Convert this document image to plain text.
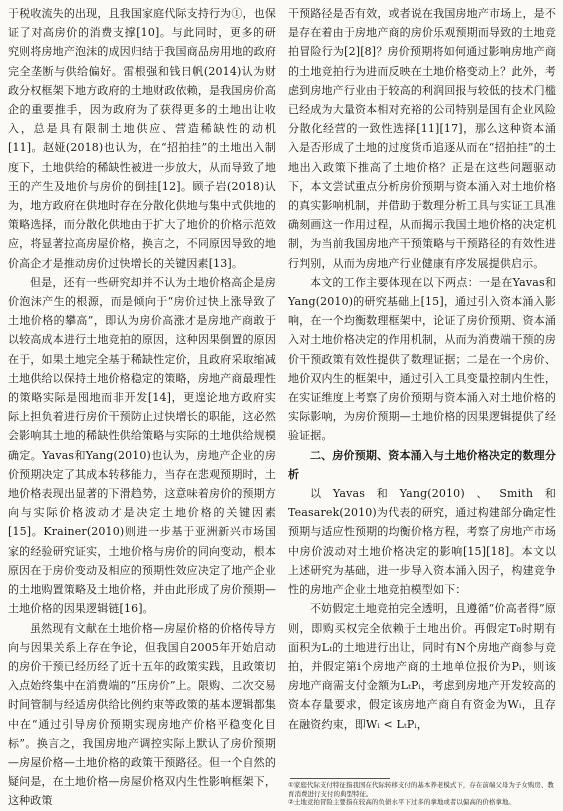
于税收流失的出现，且我国家庭代际支持行为①，也保证了对高房价的消费支撑[10]。与此同时，更多的研究则将房地产泡沫的成因归结于我国商品房用地的政府完全垄断与供给偏好。雷根强和钱日帆(2014)认为财政分权框架下地方政府的土地财政依赖，是我国房价高企的重要推手，因为政府为了获得更多的土地出让收入，总是具有限制土地供应、营造稀缺性的动机[11]。赵娅(2018)也认为，在“招拍挂”的土地出入制度下，土地供给的稀缺性被进一步放大，从而导致了地王的产生及地价与房价的倒挂[12]。顾子岩(2018)认为，地方政府在供地时存在分散化供地与集中式供地的策略选择，而分散化供地由于扩大了地价的价格示范效应，将显著拉高房屋价格，换言之，不同原因导致的地价高企才是推动房价过快增长的关键因素[13]。

但是，还有一些研究却并不认为土地价格高企是房价泡沫产生的根源，而是倾向于“房价过快上涨导致了土地价格的攀高”，即认为房价高涨才是房地产商敢于以较高成本进行土地竞拍的原因，这种因果倒置的原因在于，如果土地完全基于稀缺性定价，且政府采取缩减土地供给以保持土地价格稳定的策略，房地产商最理性的策略实际是囤地而非开发[14]，更遑论地方政府实际上担负着进行房价干预防止过快增长的职能，这必然会影响其土地的稀缺性供给策略与实际的土地供给规模确定。Yavas和Yang(2010)也认为，房地产企业的房价预期决定了其成本转移能力，当存在悲观预期时，土地价格表现出显著的下滑趋势，这意味着房价的预期方向与实际价格波动才是决定土地价格的关键因素[15]。Krainer(2010)则进一步基于亚洲新兴市场国家的经验研究证实，土地价格与房价的同向变动，根本原因在于房价变动及相应的预期性效应决定了地产企业的土地购置策略及土地价格，并由此形成了房价预期—土地价格的因果逻辑链[16]。

虽然现有文献在土地价格—房屋价格的价格传导方向与因果关系上存在争论，但我国自2005年开始启动的房价干预已经历经了近十五年的政策实践，且政策切入点始终集中在消费端的“压房价”上。限购、二次交易时间管制与经适房供给比例约束等政策的基本逻辑都集中在“通过引导房价预期实现房地产价格平稳变化目标”。换言之，我国房地产调控实际上默认了房价预期—房屋价格—土地价格的政策干预路径。但一个自然的疑问是，在土地价格—房屋价格双内生性影响框架下，这种政策

干预路径是否有效，或者说在我国房地产市场上，是不是存在着由于房地产商的房价乐观预期而导致的土地竞拍冒险行为[2][8]？房价预期将如何通过影响房地产商的土地竞拍行为进而反映在土地价格变动上？此外，考虑到房地产行业由于较高的利润回报与较低的技术门槛已经成为大量资本相对充裕的公司特别是国有企业风险分散化经营的一致性选择[11][17]，那么这种资本涌入是否形成了土地的过度货币追逐从而在“招拍挂”的土地出入政策下推高了土地价格？正是在这些问题驱动下，本文尝试重点分析房价预期与资本涌入对土地价格的真实影响机制，并借助于数理分析工具与实证工具准确刻画这一作用过程，从而揭示我国土地价格的决定机制，为当前我国房地产干预策略与干预路径的有效性进行判别，从而为房地产行业健康有序发展提供启示。

本文的工作主要体现在以下两点：一是在Yavas和Yang(2010)的研究基础上[15]，通过引入资本涌入影响，在一个均衡数理框架中，论证了房价预期、资本涌入对土地价格决定的作用机制，从而为消费端干预的房价干预政策有效性提供了数理证据；二是在一个房价、地价双内生的框架中，通过引入工具变量控制内生性，在实证维度上考察了房价预期与资本涌入对土地价格的实际影响，为房价预期—土地价格的因果逻辑提供了经验证据。

二、房价预期、资本涌入与土地价格决定的数理分析

以Yavas和Yang(2010)、Smith和Teasarek(2010)为代表的研究，通过构建部分确定性预期与适应性预期的均衡价格方程，考察了房地产市场中房价波动对土地价格决定的影响[15][18]。本文以上述研究为基础，进一步导入资本涌入因子，构建竞争性的房地产企业土地竞拍模型如下：

不妨假定土地竞拍完全透明，且遵循“价高者得”原则，即购买权完全依赖于土地出价。再假定T₀时期有面积为Lₜ的土地进行出让，同时有N个房地产商参与竞拍，并假定第i个房地产商的土地单位报价为Pᵢ，则该房地产商需支付金额为LₜPᵢ，考虑到房地产开发较高的资本存量要求，假定该房地产商自有资金为Wᵢ，且存在融资约束，即Wᵢ < LₜPᵢ，

①家庭代际支付特征指我国在代际转移支付的基本养老模式下，存在前端父母为子女购房、教育消费进行支付的典型特征。

②土地竞拍冒险主要指在较高的负债水平下过多的拿地或者以偏高的价格拿地。
